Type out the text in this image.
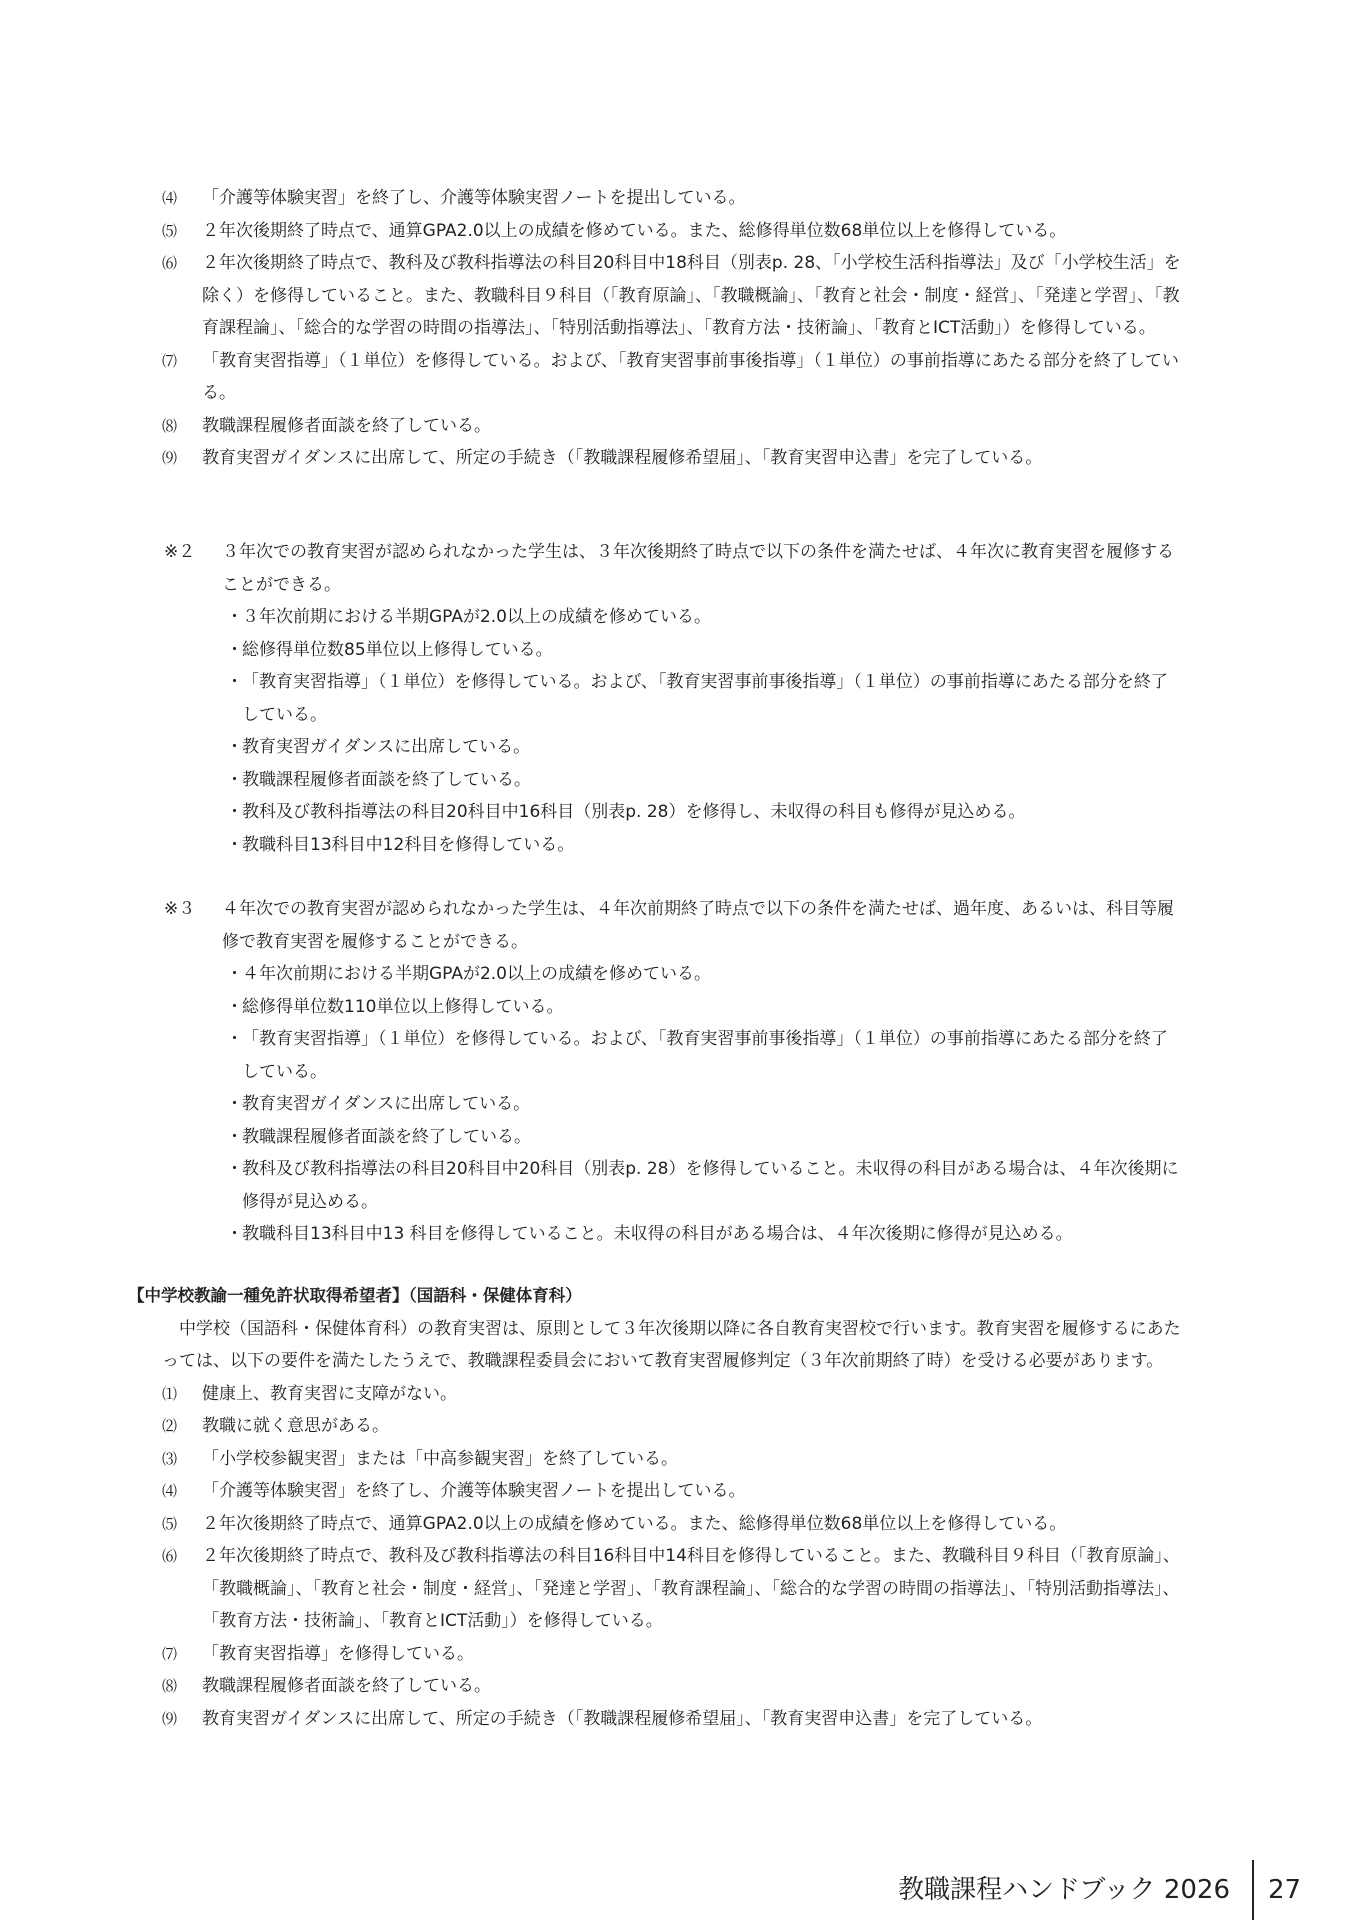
⑷ 「介護等体験実習」を終了し、介護等体験実習ノートを提出している。
⑸ ２年次後期終了時点で、通算GPA2.0以上の成績を修めている。また、総修得単位数68単位以上を修得している。
⑹ ２年次後期終了時点で、教科及び教科指導法の科目20科目中18科目（別表p. 28、「小学校生活科指導法」及び「小学校生活」を除く）を修得していること。また、教職科目９科目（「教育原論」、「教職概論」、「教育と社会・制度・経営」、「発達と学習」、「教育課程論」、「総合的な学習の時間の指導法」、「特別活動指導法」、「教育方法・技術論」、「教育とICT活動」）を修得している。
⑺ 「教育実習指導」（１単位）を修得している。および、「教育実習事前事後指導」（１単位）の事前指導にあたる部分を終了している。
⑻ 教職課程履修者面談を終了している。
⑼ 教育実習ガイダンスに出席して、所定の手続き（「教職課程履修希望届」、「教育実習申込書」を完了している。
※２ ３年次での教育実習が認められなかった学生は、３年次後期終了時点で以下の条件を満たせば、４年次に教育実習を履修することができる。
・ ３年次前期における半期GPAが2.0以上の成績を修めている。
・ 総修得単位数85単位以上修得している。
・ 「教育実習指導」（１単位）を修得している。および、「教育実習事前事後指導」（１単位）の事前指導にあたる部分を終了している。
・ 教育実習ガイダンスに出席している。
・ 教職課程履修者面談を終了している。
・ 教科及び教科指導法の科目20科目中16科目（別表p. 28）を修得し、未収得の科目も修得が見込める。
・ 教職科目13科目中12科目を修得している。
※３ ４年次での教育実習が認められなかった学生は、４年次前期終了時点で以下の条件を満たせば、過年度、あるいは、科目等履修で教育実習を履修することができる。
・ ４年次前期における半期GPAが2.0以上の成績を修めている。
・ 総修得単位数110単位以上修得している。
・ 「教育実習指導」（１単位）を修得している。および、「教育実習事前事後指導」（１単位）の事前指導にあたる部分を終了している。
・ 教育実習ガイダンスに出席している。
・ 教職課程履修者面談を終了している。
・ 教科及び教科指導法の科目20科目中20科目（別表p. 28）を修得していること。未収得の科目がある場合は、４年次後期に修得が見込める。
・ 教職科目13科目中13 科目を修得していること。未収得の科目がある場合は、４年次後期に修得が見込める。
【中学校教諭一種免許状取得希望者】（国語科・保健体育科）
中学校（国語科・保健体育科）の教育実習は、原則として３年次後期以降に各自教育実習校で行います。教育実習を履修するにあたっては、以下の要件を満たしたうえで、教職課程委員会において教育実習履修判定（３年次前期終了時）を受ける必要があります。
⑴ 健康上、教育実習に支障がない。
⑵ 教職に就く意思がある。
⑶ 「小学校参観実習」または「中高参観実習」を終了している。
⑷ 「介護等体験実習」を終了し、介護等体験実習ノートを提出している。
⑸ ２年次後期終了時点で、通算GPA2.0以上の成績を修めている。また、総修得単位数68単位以上を修得している。
⑹ ２年次後期終了時点で、教科及び教科指導法の科目16科目中14科目を修得していること。また、教職科目９科目（「教育原論」、「教職概論」、「教育と社会・制度・経営」、「発達と学習」、「教育課程論」、「総合的な学習の時間の指導法」、「特別活動指導法」、「教育方法・技術論」、「教育とICT活動」）を修得している。
⑺ 「教育実習指導」を修得している。
⑻ 教職課程履修者面談を終了している。
⑼ 教育実習ガイダンスに出席して、所定の手続き（「教職課程履修希望届」、「教育実習申込書」を完了している。
教職課程ハンドブック 2026 27
